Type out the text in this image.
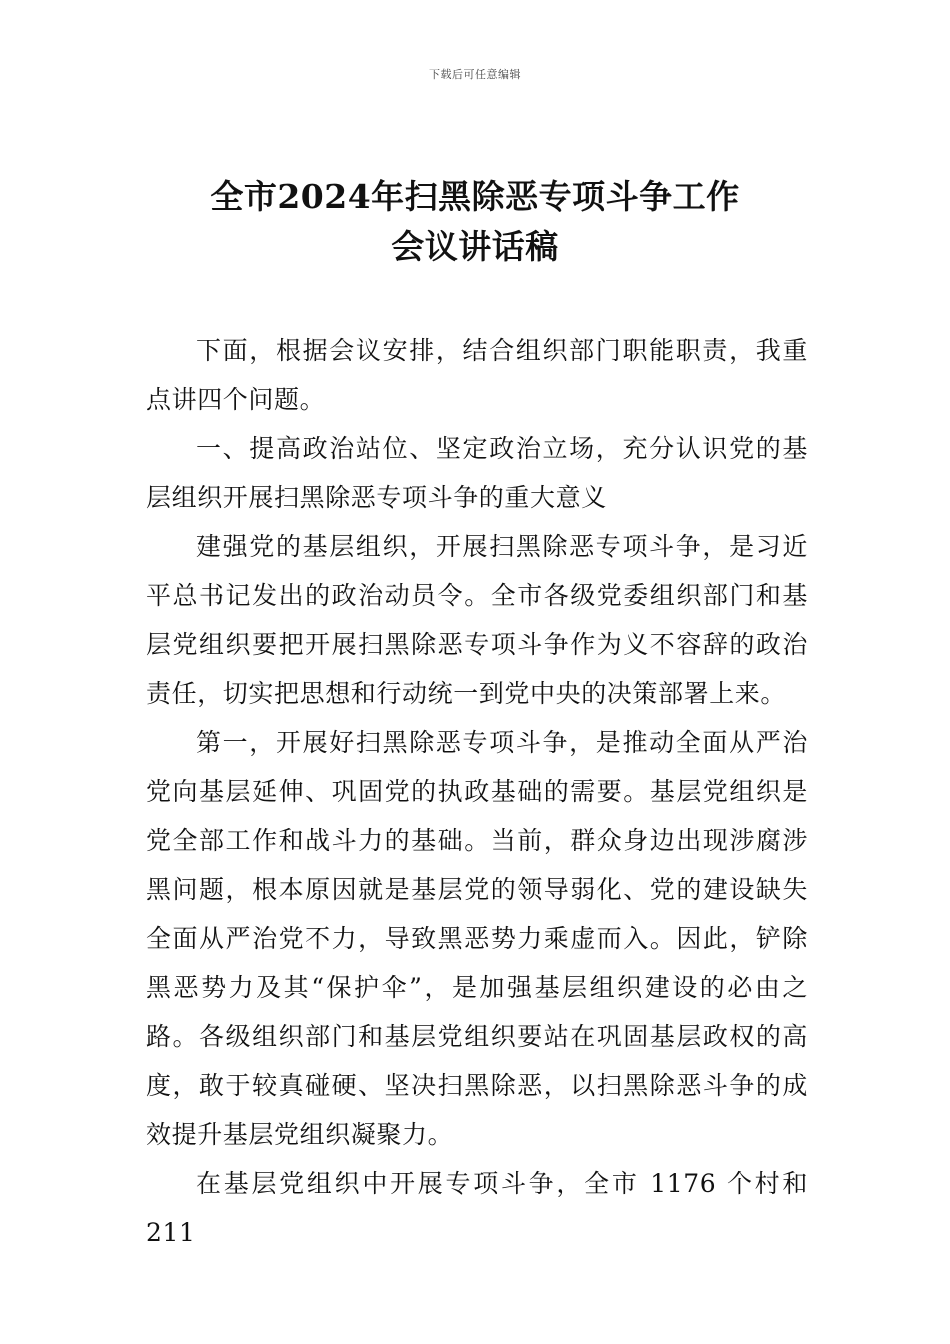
下载后可任意编辑
全市2024年扫黑除恶专项斗争工作
会议讲话稿

下面，根据会议安排，结合组织部门职能职责，我重点讲四个问题。

一、提高政治站位、坚定政治立场，充分认识党的基层组织开展扫黑除恶专项斗争的重大意义

建强党的基层组织，开展扫黑除恶专项斗争，是习近平总书记发出的政治动员令。全市各级党委组织部门和基层党组织要把开展扫黑除恶专项斗争作为义不容辞的政治责任，切实把思想和行动统一到党中央的决策部署上来。

第一，开展好扫黑除恶专项斗争，是推动全面从严治党向基层延伸、巩固党的执政基础的需要。基层党组织是党全部工作和战斗力的基础。当前，群众身边出现涉腐涉黑问题，根本原因就是基层党的领导弱化、党的建设缺失全面从严治党不力，导致黑恶势力乘虚而入。因此，铲除黑恶势力及其“保护伞”，是加强基层组织建设的必由之路。各级组织部门和基层党组织要站在巩固基层政权的高度，敢于较真碰硬、坚决扫黑除恶，以扫黑除恶斗争的成效提升基层党组织凝聚力。

在基层党组织中开展专项斗争，全市 1176 个村和 211
